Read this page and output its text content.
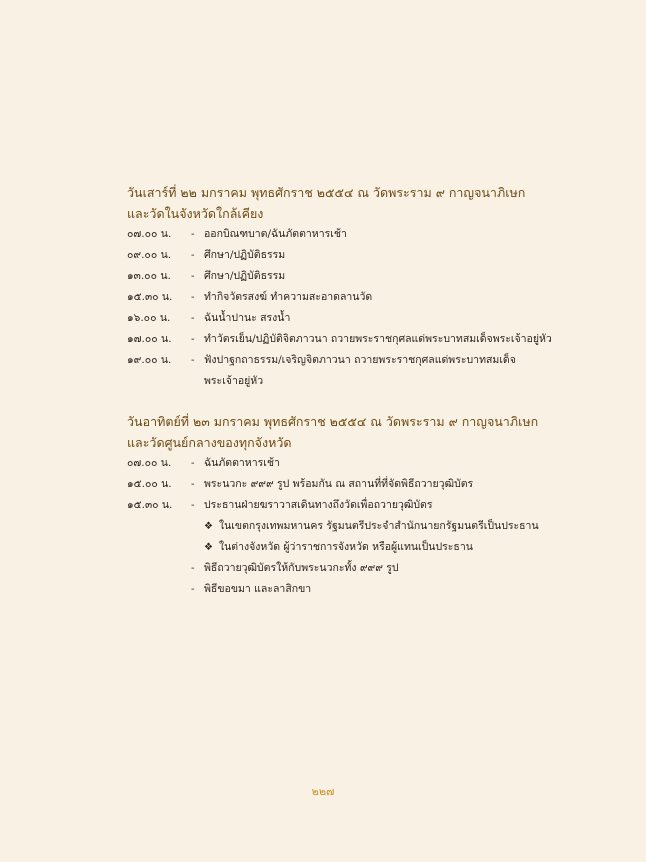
วันเสาร์ที่ ๒๒ มกราคม พุทธศักราช ๒๕๕๔ ณ วัดพระราม ๙ กาญจนาภิเษก
และวัดในจังหวัดใกล้เคียง
๐๗.๐๐ น.	- ออกบิณฑบาต/ฉันภัตตาหารเช้า
๐๙.๐๐ น.	- ศึกษา/ปฏิบัติธรรม
๑๓.๐๐ น.	- ศึกษา/ปฏิบัติธรรม
๑๕.๓๐ น.	- ทำกิจวัตรสงฆ์ ทำความสะอาดลานวัด
๑๖.๐๐ น.	- ฉันน้ำปานะ สรงน้ำ
๑๗.๐๐ น.	- ทำวัตรเย็น/ปฏิบัติจิตภาวนา ถวายพระราชกุศลแด่พระบาทสมเด็จพระเจ้าอยู่หัว
๑๙.๐๐ น.	- ฟังปาฐกถาธรรม/เจริญจิตภาวนา ถวายพระราชกุศลแด่พระบาทสมเด็จ
พระเจ้าอยู่หัว
วันอาทิตย์ที่ ๒๓ มกราคม พุทธศักราช ๒๕๕๔ ณ วัดพระราม ๙ กาญจนาภิเษก
และวัดศูนย์กลางของทุกจังหวัด
๐๗.๐๐ น.	- ฉันภัตตาหารเช้า
๑๕.๐๐ น.	- พระนวกะ ๙๙๙ รูป พร้อมกัน ณ สถานที่ที่จัดพิธีถวายวุฒิบัตร
๑๕.๓๐ น.	- ประธานฝ่ายฆราวาสเดินทางถึงวัดเพื่อถวายวุฒิบัตร
❖ ในเขตกรุงเทพมหานคร รัฐมนตรีประจำสำนักนายกรัฐมนตรีเป็นประธาน
❖ ในต่างจังหวัด ผู้ว่าราชการจังหวัด หรือผู้แทนเป็นประธาน
- พิธีถวายวุฒิบัตรให้กับพระนวกะทั้ง ๙๙๙ รูป
- พิธีขอขมา และลาสิกขา
๒๒๗
